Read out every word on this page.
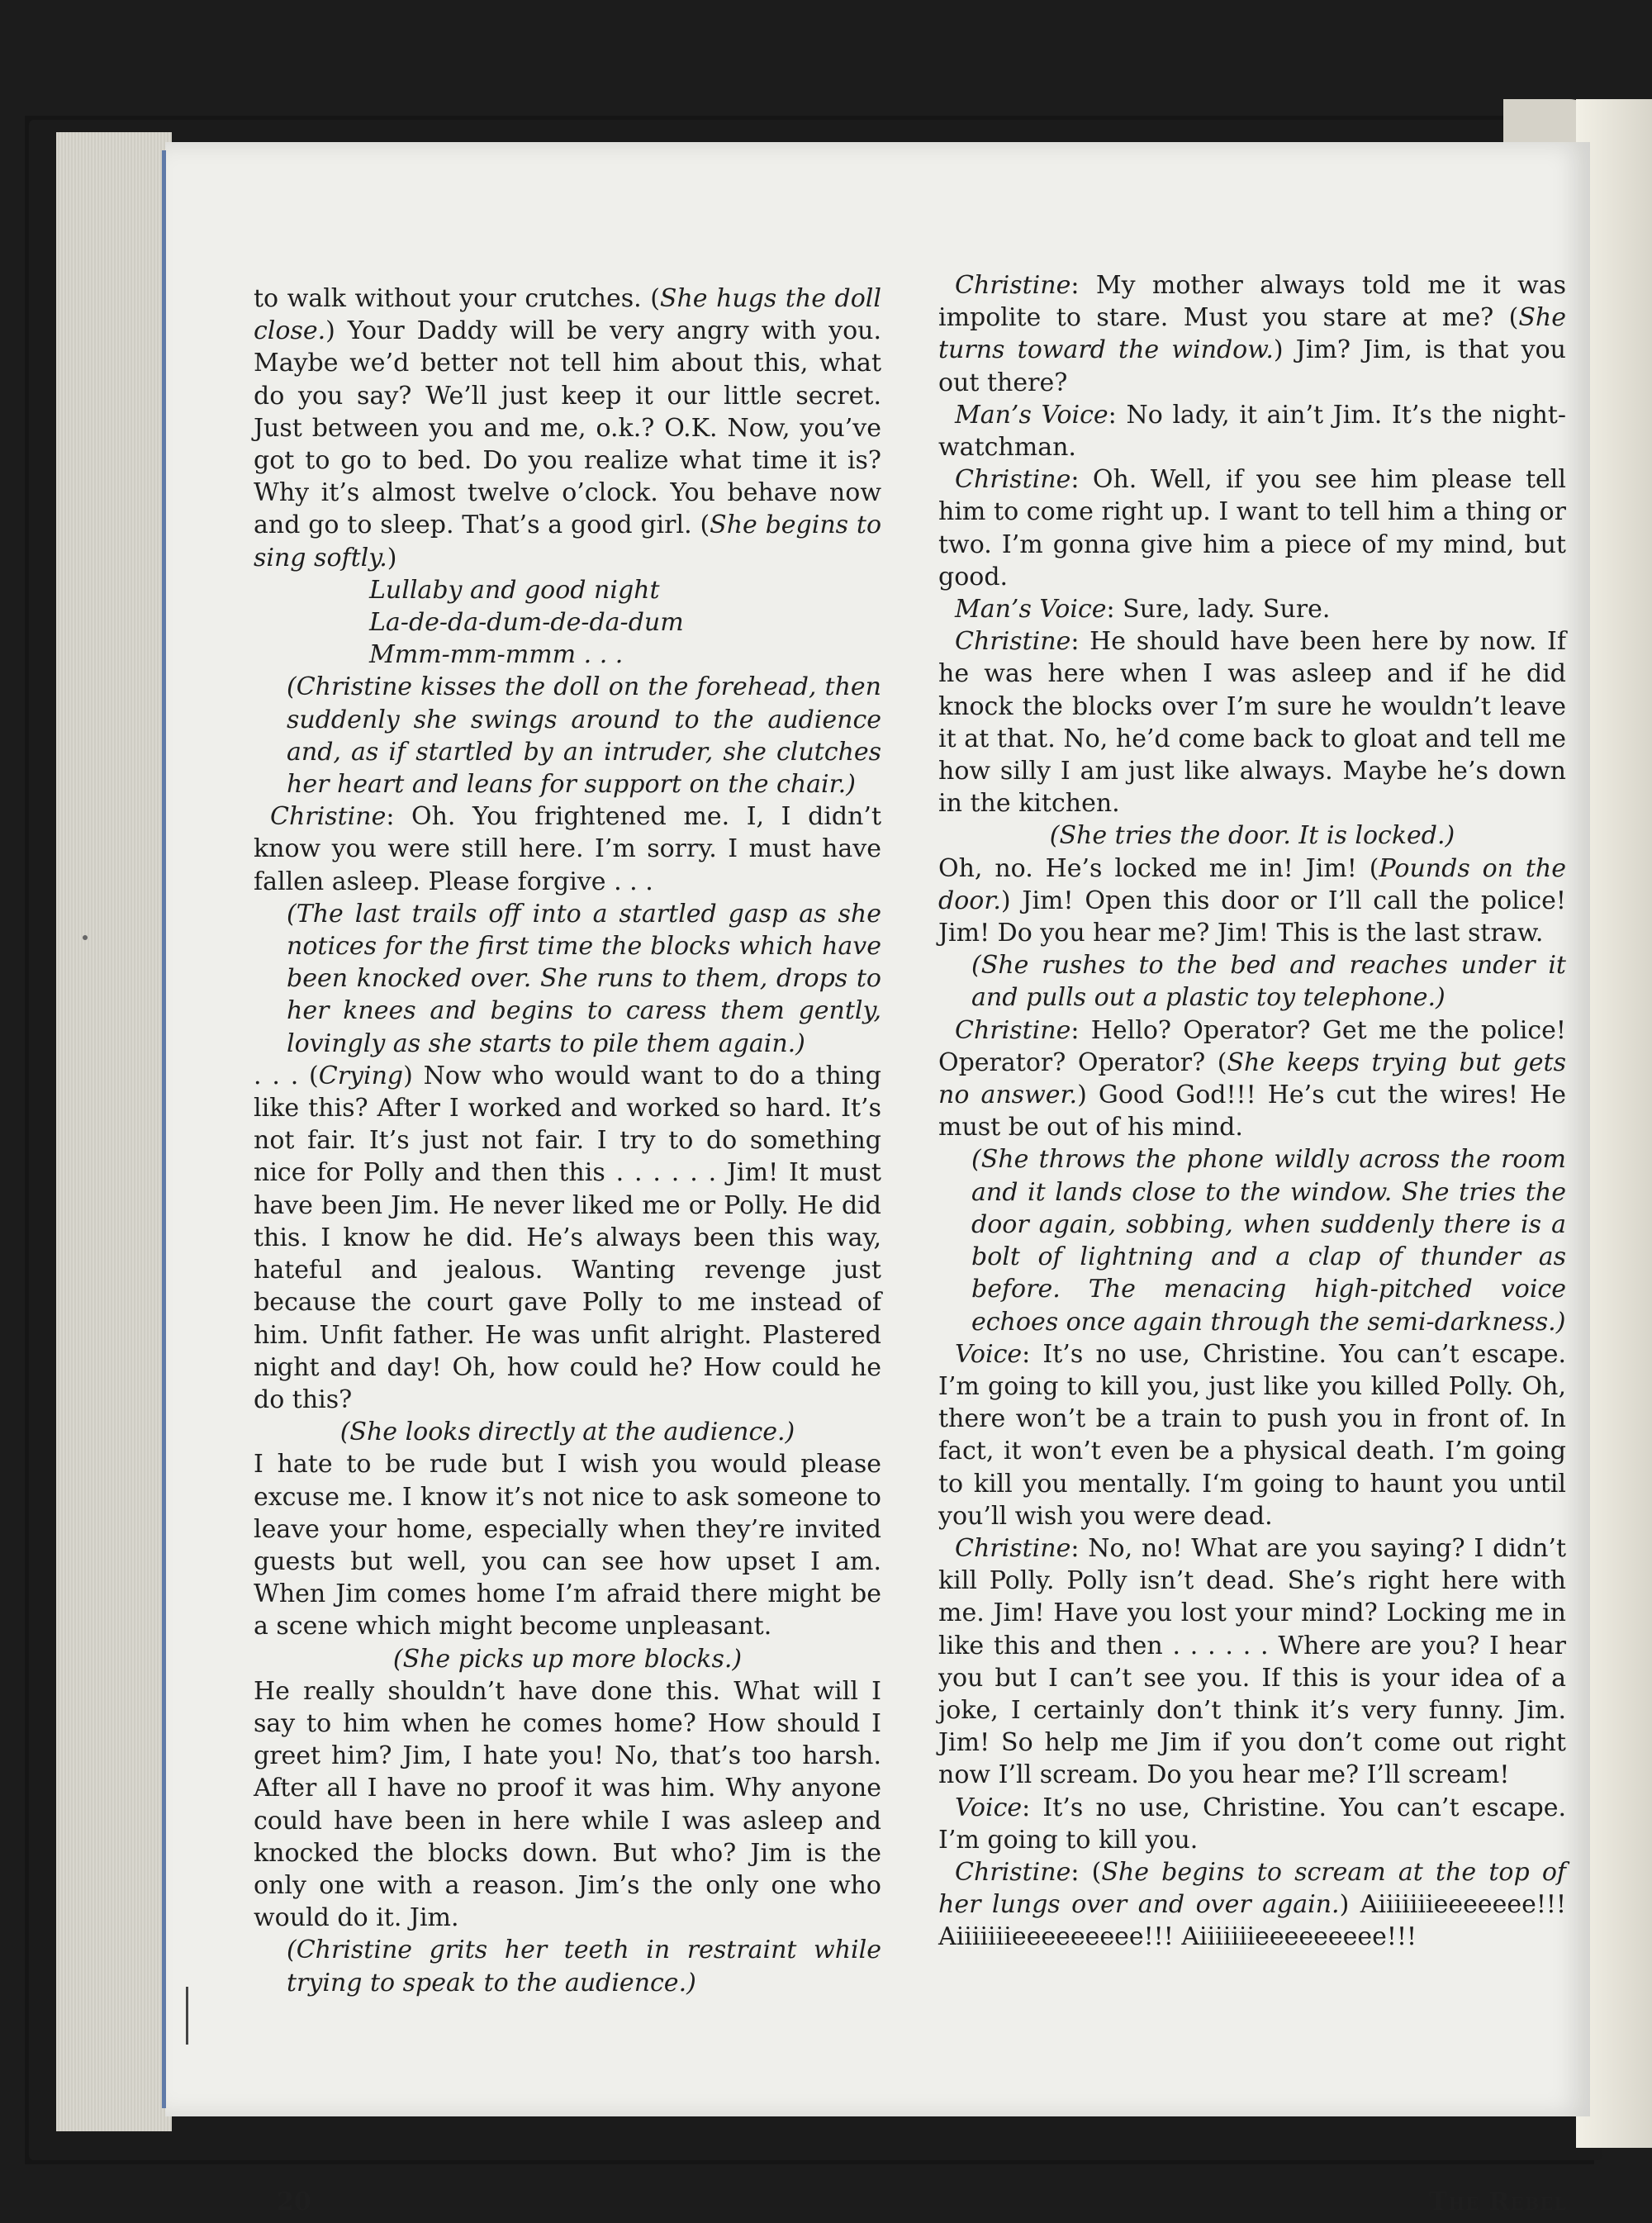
to walk without your crutches. (She hugs the doll close.) Your Daddy will be very angry with you. Maybe we’d better not tell him about this, what do you say? We’ll just keep it our little secret. Just between you and me, o.k.? O.K. Now, you’ve got to go to bed. Do you realize what time it is? Why it’s almost twelve o’clock. You behave now and go to sleep. That’s a good girl. (She begins to sing softly.)

Lullaby and good night

La-de-da-dum-de-da-dum

Mmm-mm-mmm . . .

(Christine kisses the doll on the forehead, then suddenly she swings around to the audience and, as if startled by an intruder, she clutches her heart and leans for support on the chair.)

Christine: Oh. You frightened me. I, I didn’t know you were still here. I’m sorry. I must have fallen asleep. Please forgive . . .

(The last trails off into a startled gasp as she notices for the first time the blocks which have been knocked over. She runs to them, drops to her knees and begins to caress them gently, lovingly as she starts to pile them again.)

. . . (Crying) Now who would want to do a thing like this? After I worked and worked so hard. It’s not fair. It’s just not fair. I try to do something nice for Polly and then this . . . . . . Jim! It must have been Jim. He never liked me or Polly. He did this. I know he did. He’s always been this way, hateful and jealous. Wanting revenge just because the court gave Polly to me instead of him. Unfit father. He was unfit alright. Plastered night and day! Oh, how could he? How could he do this?

(She looks directly at the audience.)

I hate to be rude but I wish you would please excuse me. I know it’s not nice to ask someone to leave your home, especially when they’re invited guests but well, you can see how upset I am. When Jim comes home I’m afraid there might be a scene which might become unpleasant.

(She picks up more blocks.)

He really shouldn’t have done this. What will I say to him when he comes home? How should I greet him? Jim, I hate you! No, that’s too harsh. After all I have no proof it was him. Why anyone could have been in here while I was asleep and knocked the blocks down. But who? Jim is the only one with a reason. Jim’s the only one who would do it. Jim.

(Christine grits her teeth in restraint while trying to speak to the audience.)

Christine: My mother always told me it was impolite to stare. Must you stare at me? (She turns toward the window.) Jim? Jim, is that you out there?

Man’s Voice: No lady, it ain’t Jim. It’s the night-watchman.

Christine: Oh. Well, if you see him please tell him to come right up. I want to tell him a thing or two. I’m gonna give him a piece of my mind, but good.

Man’s Voice: Sure, lady. Sure.

Christine: He should have been here by now. If he was here when I was asleep and if he did knock the blocks over I’m sure he wouldn’t leave it at that. No, he’d come back to gloat and tell me how silly I am just like always. Maybe he’s down in the kitchen.

(She tries the door. It is locked.)

Oh, no. He’s locked me in! Jim! (Pounds on the door.) Jim! Open this door or I’ll call the police! Jim! Do you hear me? Jim! This is the last straw.

(She rushes to the bed and reaches under it and pulls out a plastic toy telephone.)

Christine: Hello? Operator? Get me the police! Operator? Operator? (She keeps trying but gets no answer.) Good God!!! He’s cut the wires! He must be out of his mind.

(She throws the phone wildly across the room and it lands close to the window. She tries the door again, sobbing, when suddenly there is a bolt of lightning and a clap of thunder as before. The menacing high-pitched voice echoes once again through the semi-darkness.)

Voice: It’s no use, Christine. You can’t escape. I’m going to kill you, just like you killed Polly. Oh, there won’t be a train to push you in front of. In fact, it won’t even be a physical death. I’m going to kill you mentally. I‘m going to haunt you until you’ll wish you were dead.

Christine: No, no! What are you saying? I didn’t kill Polly. Polly isn’t dead. She’s right here with me. Jim! Have you lost your mind? Locking me in like this and then . . . . . . Where are you? I hear you but I can’t see you. If this is your idea of a joke, I certainly don’t think it’s very funny. Jim. Jim! So help me Jim if you don’t come out right now I’ll scream. Do you hear me? I’ll scream!

Voice: It’s no use, Christine. You can’t escape. I’m going to kill you.

Christine: (She begins to scream at the top of her lungs over and over again.) Aiiiiiiieeeeeee!!! Aiiiiiiieeeeeeeee!!! Aiiiiiiieeeeeeeee!!!

20	The Rebel
